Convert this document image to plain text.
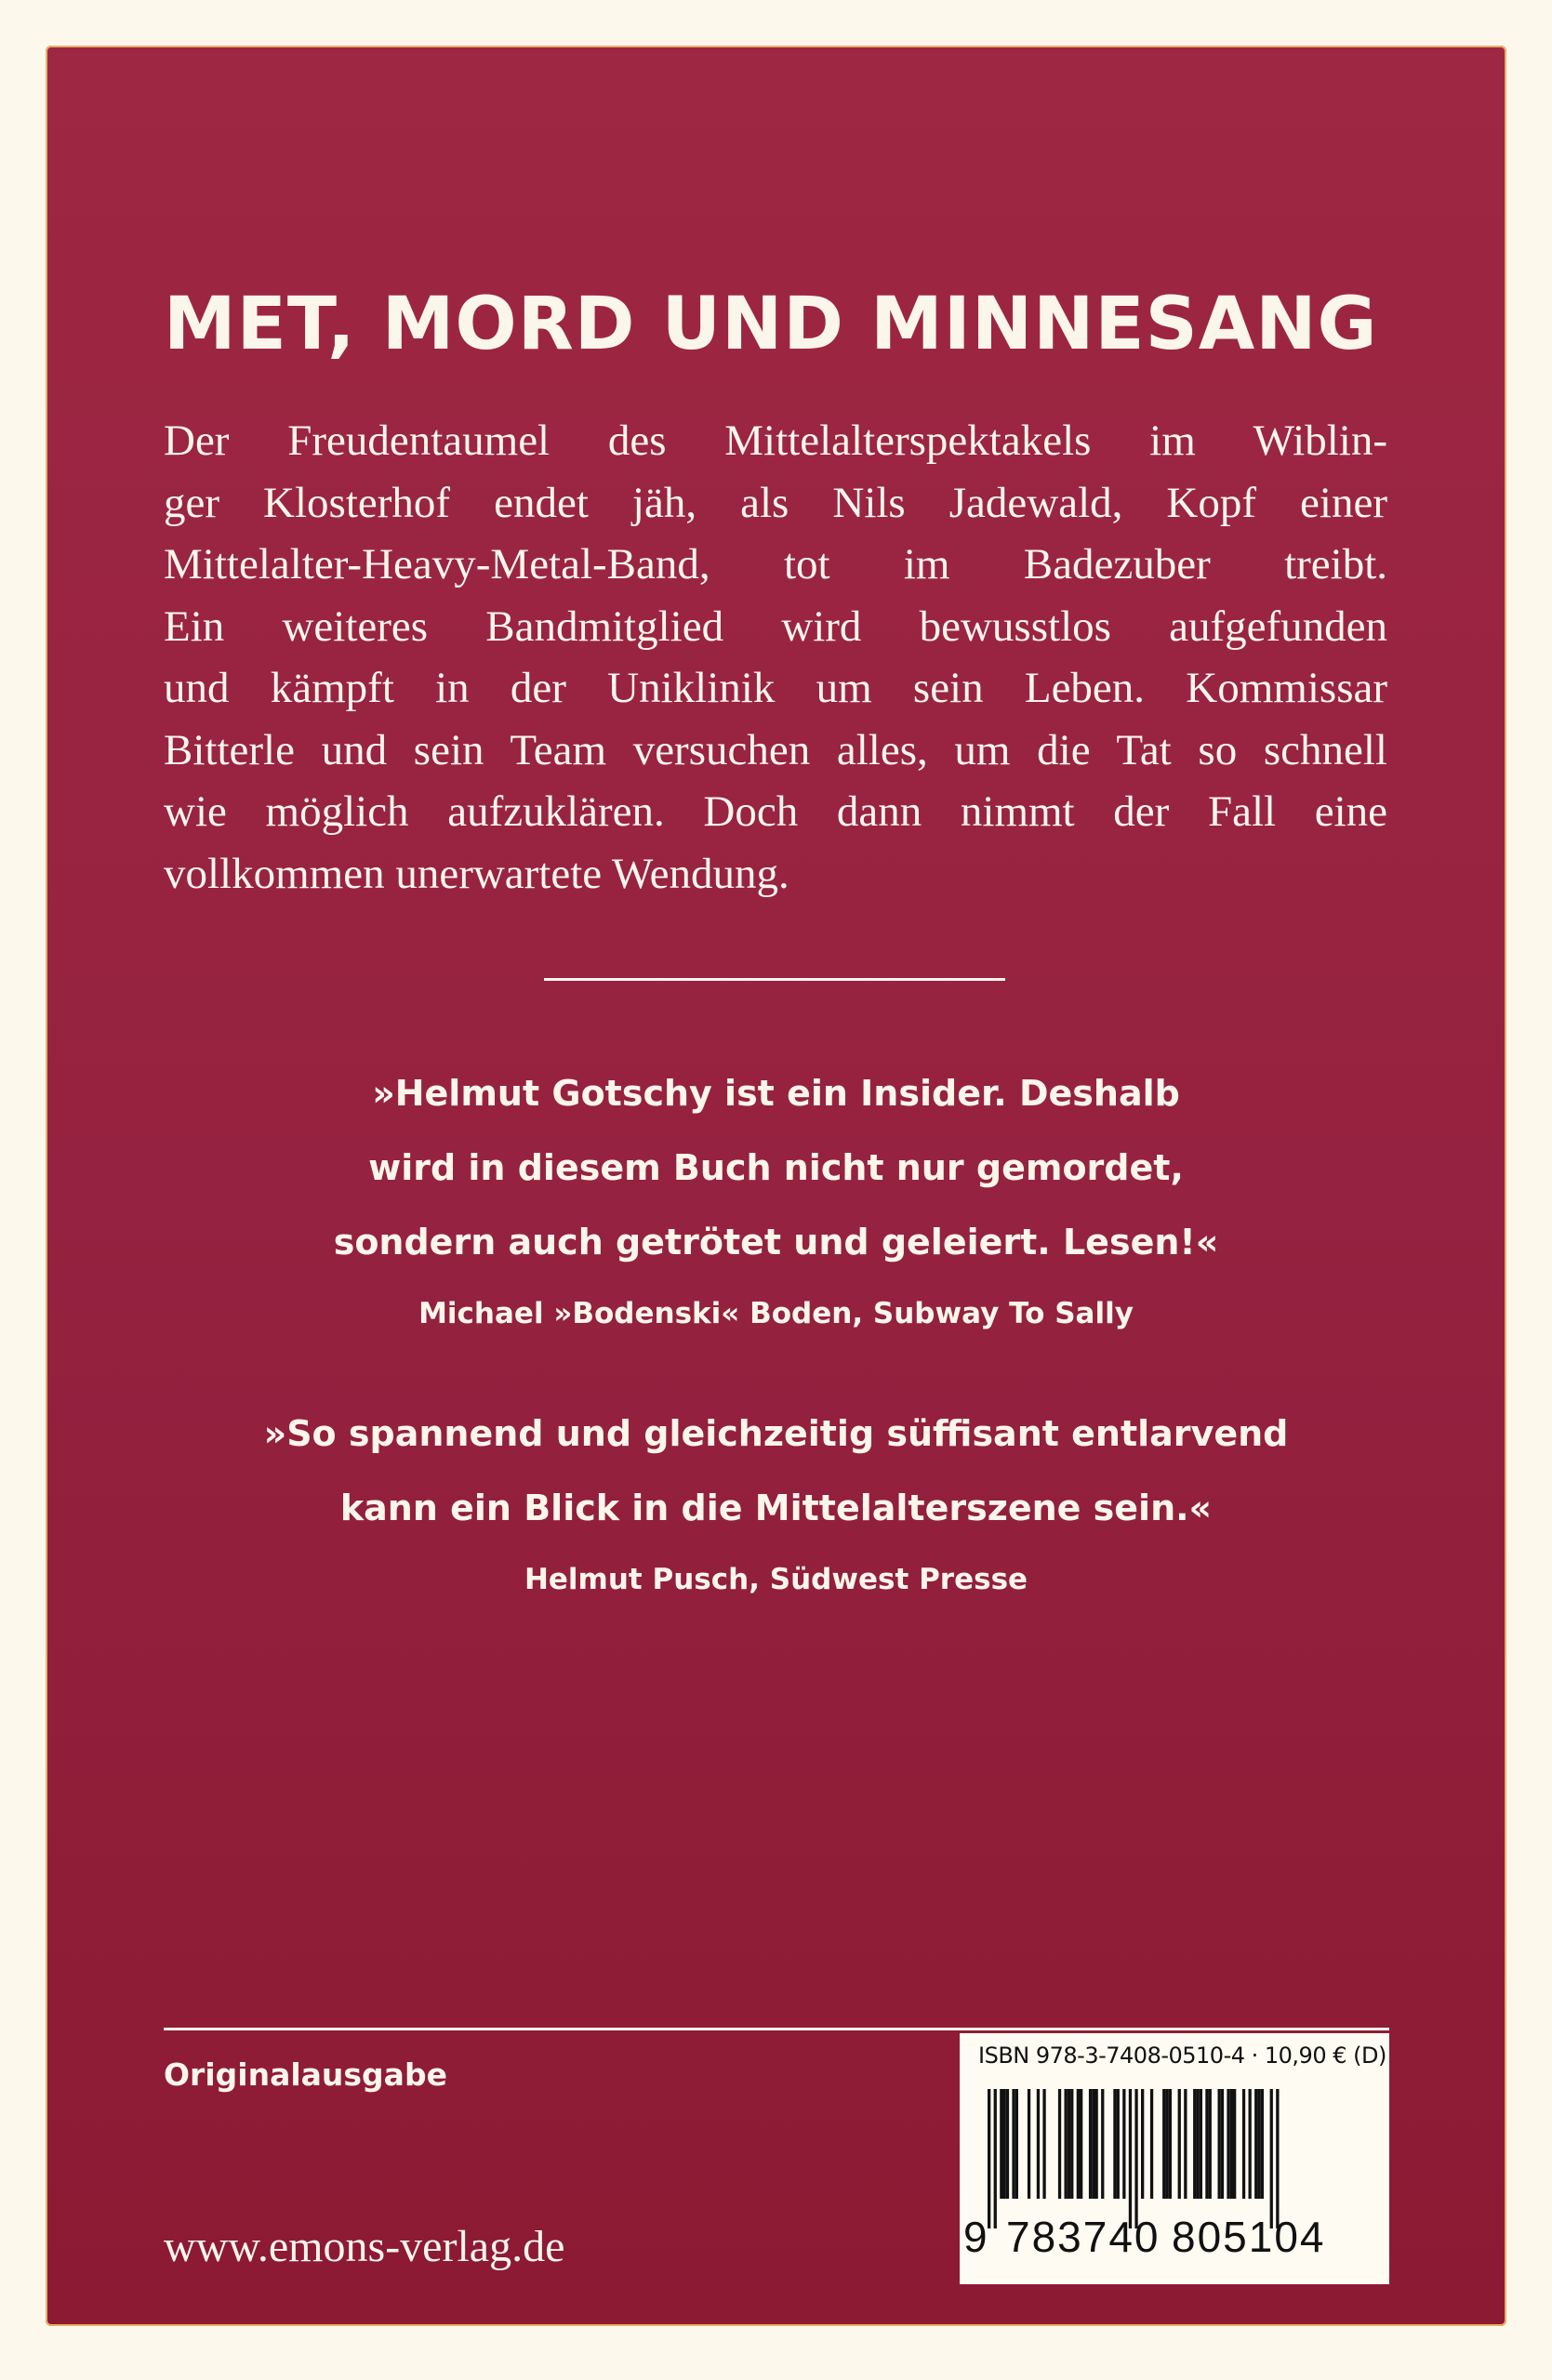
MET, MORD UND MINNESANG
Der Freudentaumel des Mittelalterspektakels im Wiblin-
ger Klosterhof endet jäh, als Nils Jadewald, Kopf einer
Mittelalter-Heavy-Metal-Band, tot im Badezuber treibt.
Ein weiteres Bandmitglied wird bewusstlos aufgefunden
und kämpft in der Uniklinik um sein Leben. Kommissar
Bitterle und sein Team versuchen alles, um die Tat so schnell
wie möglich aufzuklären. Doch dann nimmt der Fall eine
vollkommen unerwartete Wendung.
»Helmut Gotschy ist ein Insider. Deshalb
wird in diesem Buch nicht nur gemordet,
sondern auch getrötet und geleiert. Lesen!«
Michael »Bodenski« Boden, Subway To Sally
»So spannend und gleichzeitig süffisant entlarvend
kann ein Blick in die Mittelalterszene sein.«
Helmut Pusch, Südwest Presse
Originalausgabe
www.emons-verlag.de
ISBN 978-3-7408-0510-4 · 10,90 € (D)
9 783740 805104
